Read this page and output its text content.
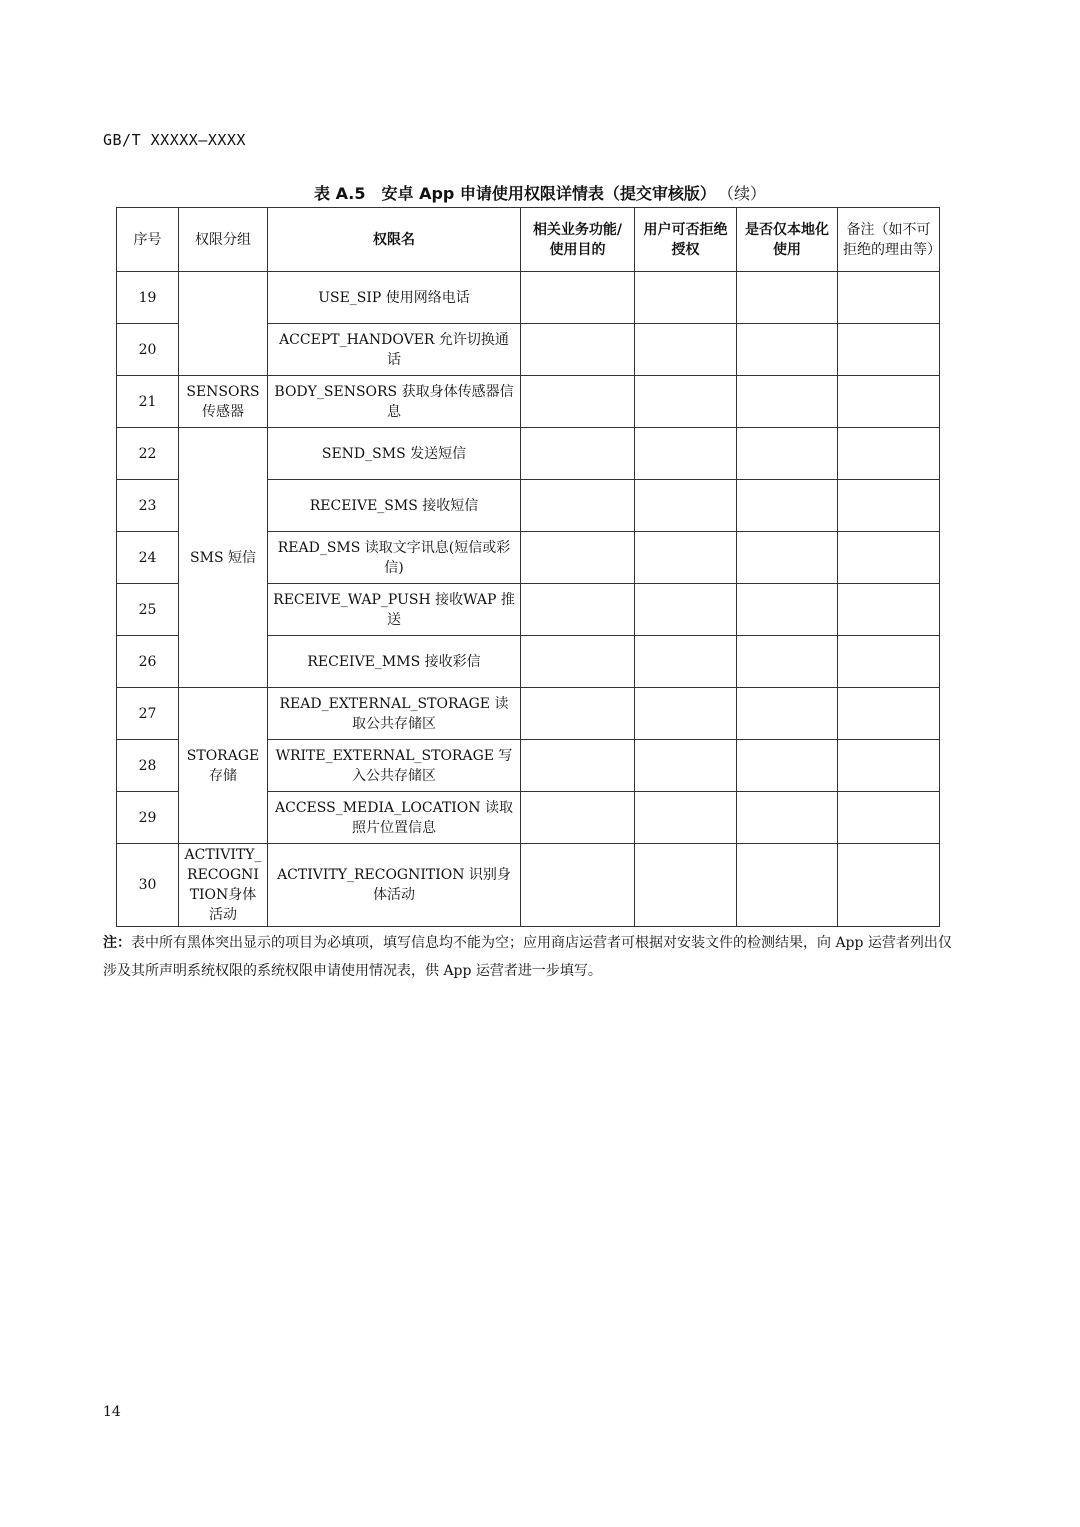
GB/T XXXXX—XXXX
表 A.5　安卓 App 申请使用权限详情表（提交审核版） （续）
序号	权限分组	权限名	相关业务功能/使用目的	用户可否拒绝授权	是否仅本地化使用	备注（如不可拒绝的理由等）
19		USE_SIP 使用网络电话				
20		ACCEPT_HANDOVER 允许切换通话				
21	SENSORS 传感器	BODY_SENSORS 获取身体传感器信息				
22	SMS 短信	SEND_SMS 发送短信				
23		RECEIVE_SMS 接收短信				
24		READ_SMS 读取文字讯息(短信或彩信)				
25		RECEIVE_WAP_PUSH 接收WAP 推送				
26		RECEIVE_MMS 接收彩信				
27	STORAGE 存储	READ_EXTERNAL_STORAGE 读取公共存储区				
28		WRITE_EXTERNAL_STORAGE 写入公共存储区				
29		ACCESS_MEDIA_LOCATION 读取照片位置信息				
30	ACTIVITY_RECOGNITION身体活动	ACTIVITY_RECOGNITION 识别身体活动				
注：表中所有黑体突出显示的项目为必填项，填写信息均不能为空；应用商店运营者可根据对安装文件的检测结果，向 App 运营者列出仅涉及其所声明系统权限的系统权限申请使用情况表，供 App 运营者进一步填写。
14
